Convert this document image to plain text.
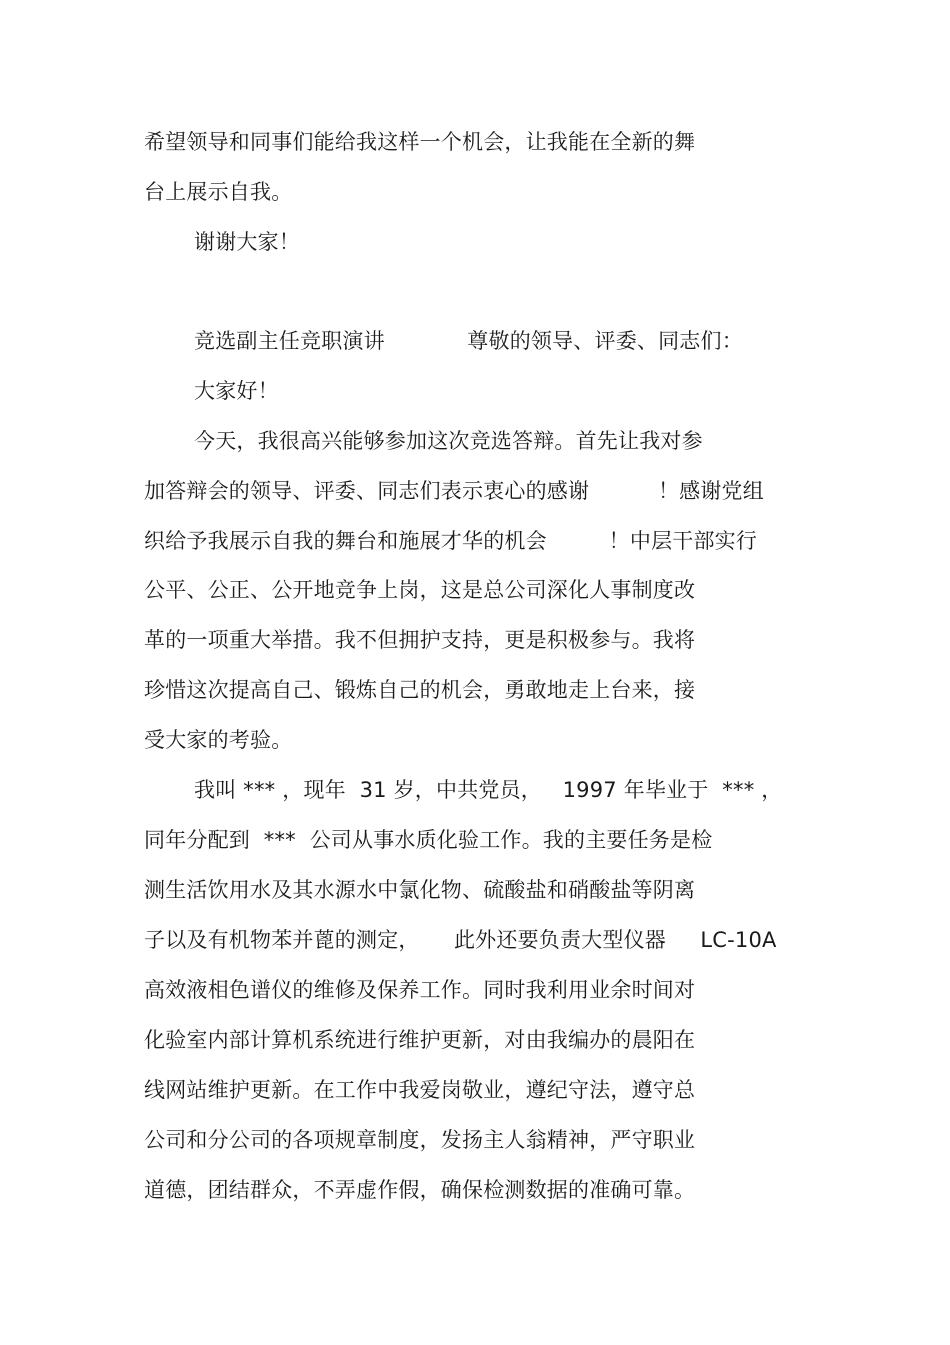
希望领导和同事们能给我这样一个机会，让我能在全新的舞
台上展示自我。
谢谢大家！
竞选副主任竞职演讲            尊敬的领导、评委、同志们：
大家好！
今天，我很高兴能够参加这次竞选答辩。首先让我对参
加答辩会的领导、评委、同志们表示衷心的感谢          ！感谢党组
织给予我展示自我的舞台和施展才华的机会         ！中层干部实行
公平、公正、公开地竞争上岗，这是总公司深化人事制度改
革的一项重大举措。我不但拥护支持，更是积极参与。我将
珍惜这次提高自己、锻炼自己的机会，勇敢地走上台来，接
受大家的考验。
我叫 *** ，现年  31 岁，中共党员，   1997 年毕业于  *** ，
同年分配到  ***  公司从事水质化验工作。我的主要任务是检
测生活饮用水及其水源水中氯化物、硫酸盐和硝酸盐等阴离
子以及有机物苯并蓖的测定，     此外还要负责大型仪器     LC-10A
高效液相色谱仪的维修及保养工作。同时我利用业余时间对
化验室内部计算机系统进行维护更新，对由我编办的晨阳在
线网站维护更新。在工作中我爱岗敬业，遵纪守法，遵守总
公司和分公司的各项规章制度，发扬主人翁精神，严守职业
道德，团结群众，不弄虚作假，确保检测数据的准确可靠。
